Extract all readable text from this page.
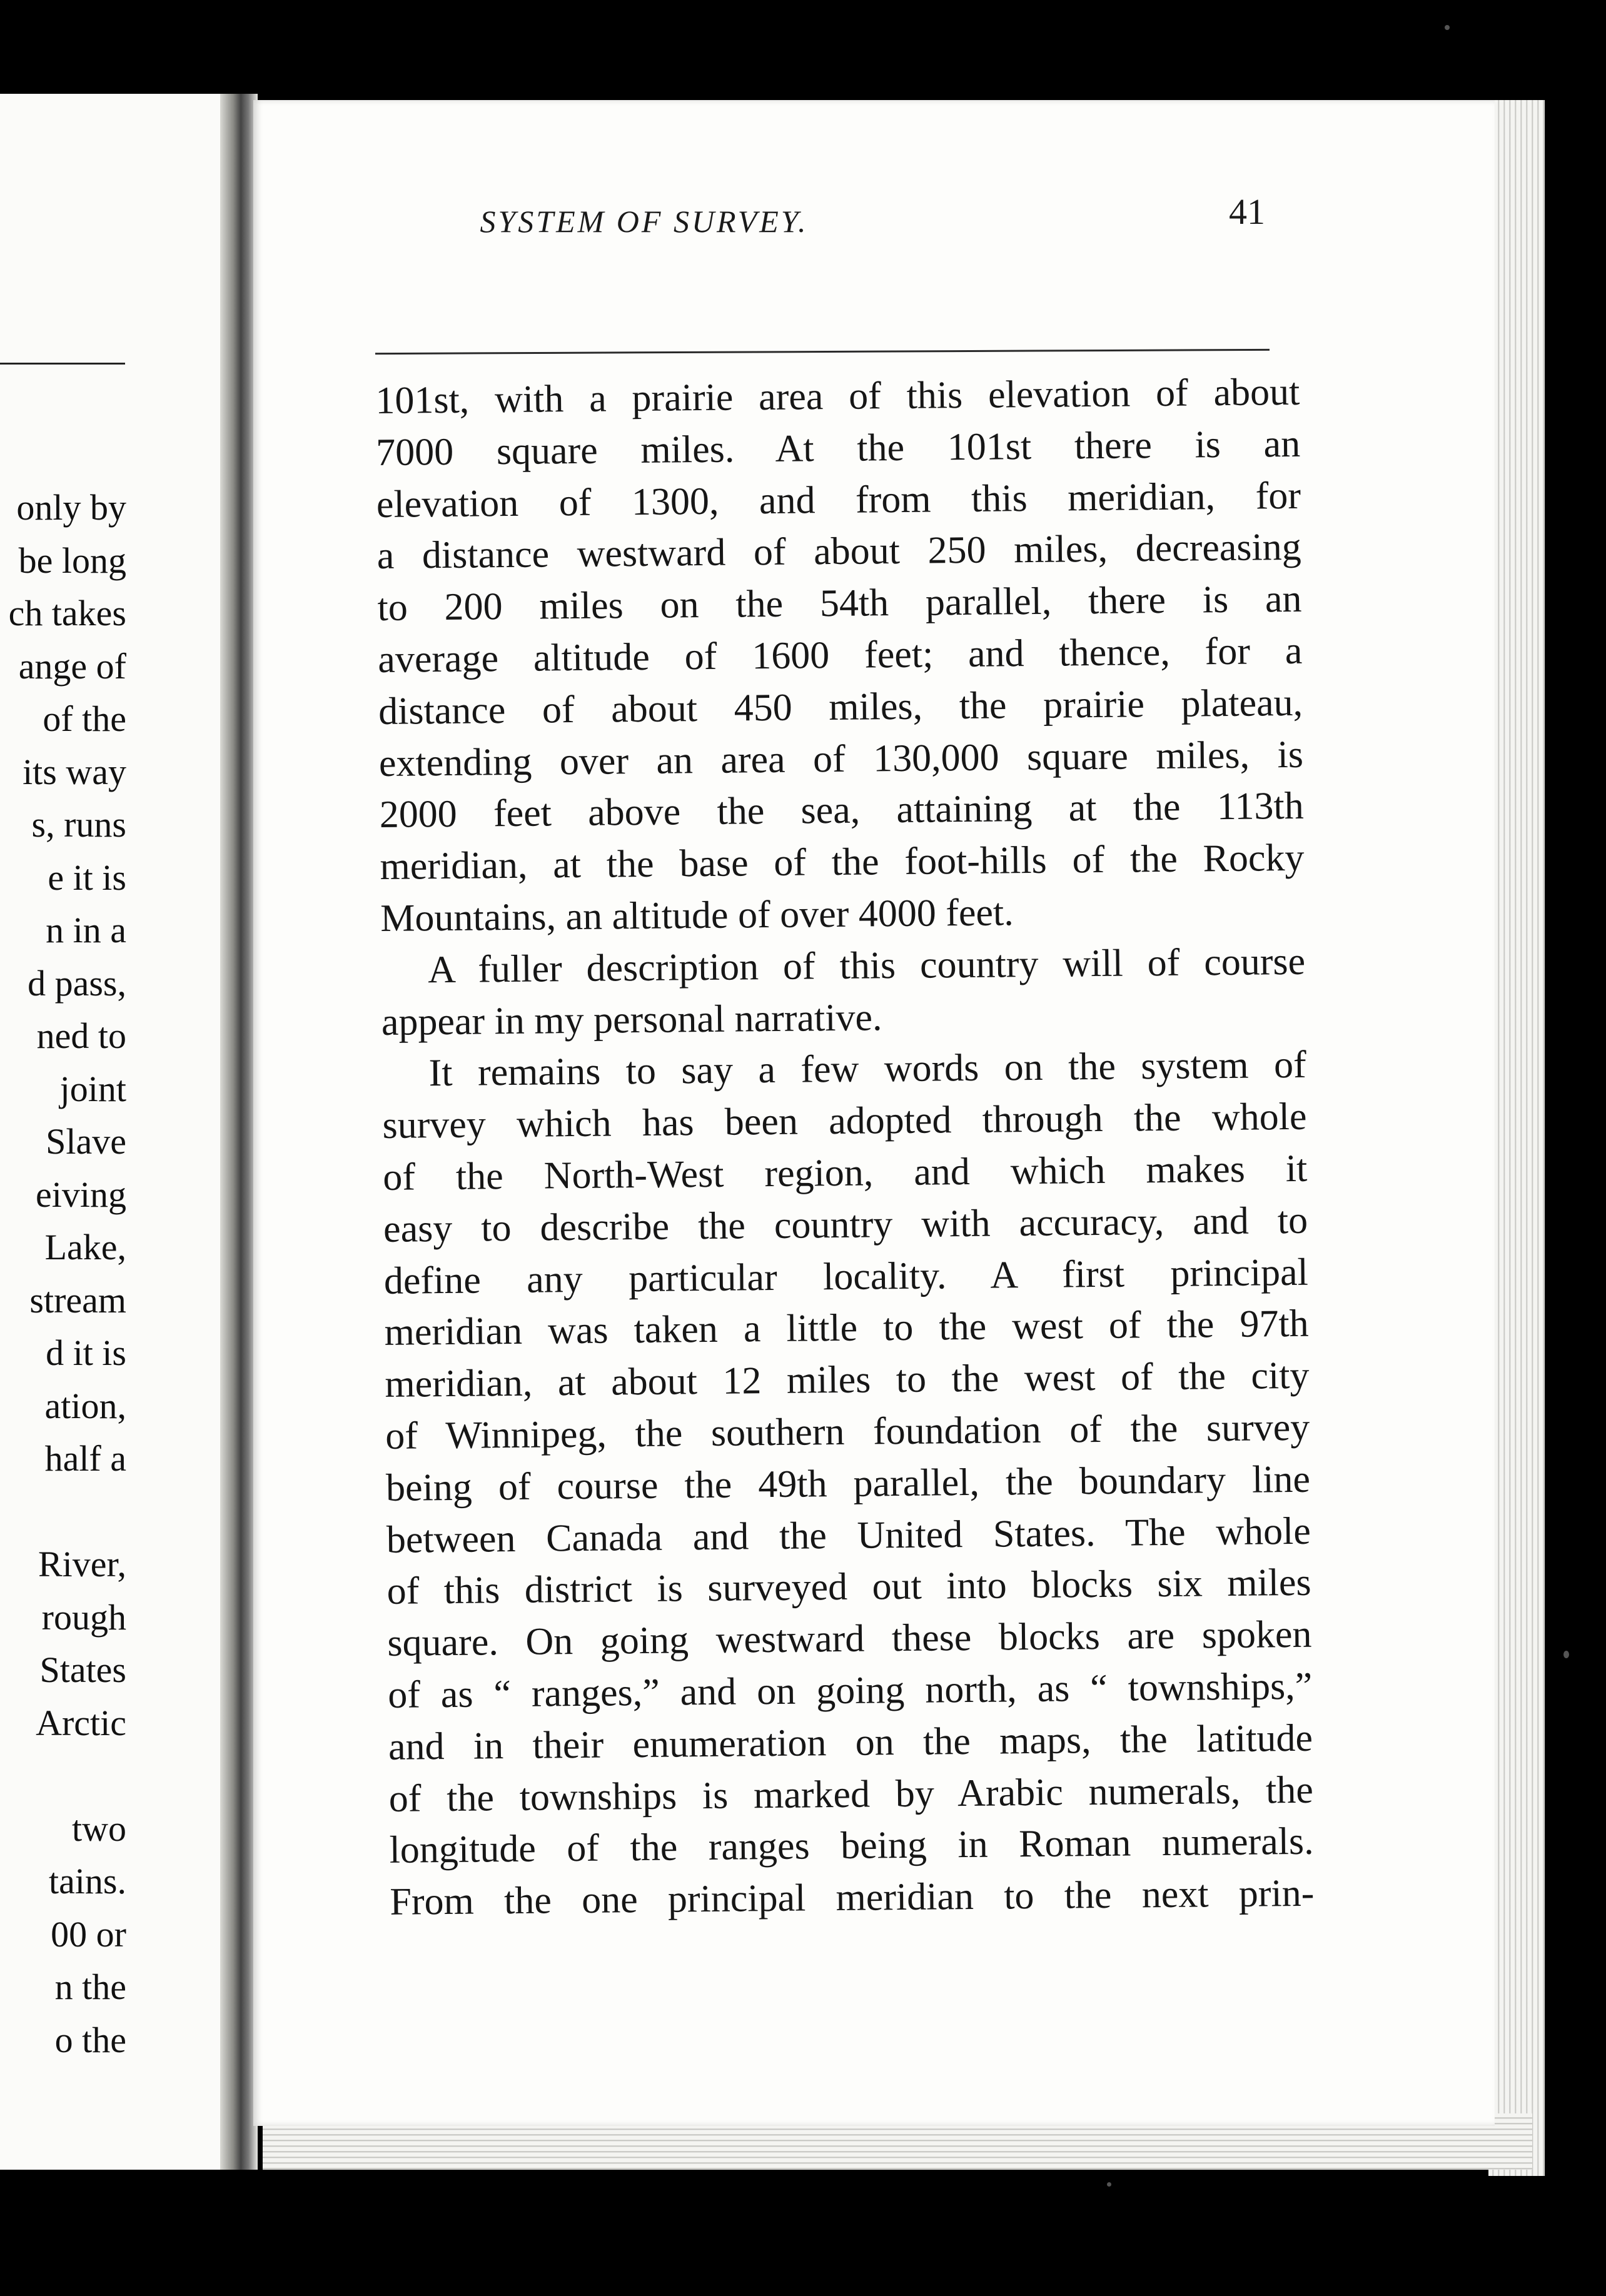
only by
be long
ch takes
ange of
of the
its way
s, runs
e it is
n in a
d pass,
ned to
joint
Slave
eiving
Lake,
stream
d it is
ation,
half a

River,
rough
States
Arctic

two
tains.
00 or
n the
o the
SYSTEM OF SURVEY.	41
101st, with a prairie area of this elevation of about
7000 square miles. At the 101st there is an
elevation of 1300, and from this meridian, for
a distance westward of about 250 miles, decreasing
to 200 miles on the 54th parallel, there is an
average altitude of 1600 feet; and thence, for a
distance of about 450 miles, the prairie plateau,
extending over an area of 130,000 square miles, is
2000 feet above the sea, attaining at the 113th
meridian, at the base of the foot-hills of the Rocky
Mountains, an altitude of over 4000 feet.
A fuller description of this country will of course
appear in my personal narrative.
It remains to say a few words on the system of
survey which has been adopted through the whole
of the North-West region, and which makes it
easy to describe the country with accuracy, and to
define any particular locality. A first principal
meridian was taken a little to the west of the 97th
meridian, at about 12 miles to the west of the city
of Winnipeg, the southern foundation of the survey
being of course the 49th parallel, the boundary line
between Canada and the United States. The whole
of this district is surveyed out into blocks six miles
square. On going westward these blocks are spoken
of as “ ranges,” and on going north, as “ townships,”
and in their enumeration on the maps, the latitude
of the townships is marked by Arabic numerals, the
longitude of the ranges being in Roman numerals.
From the one principal meridian to the next prin-
